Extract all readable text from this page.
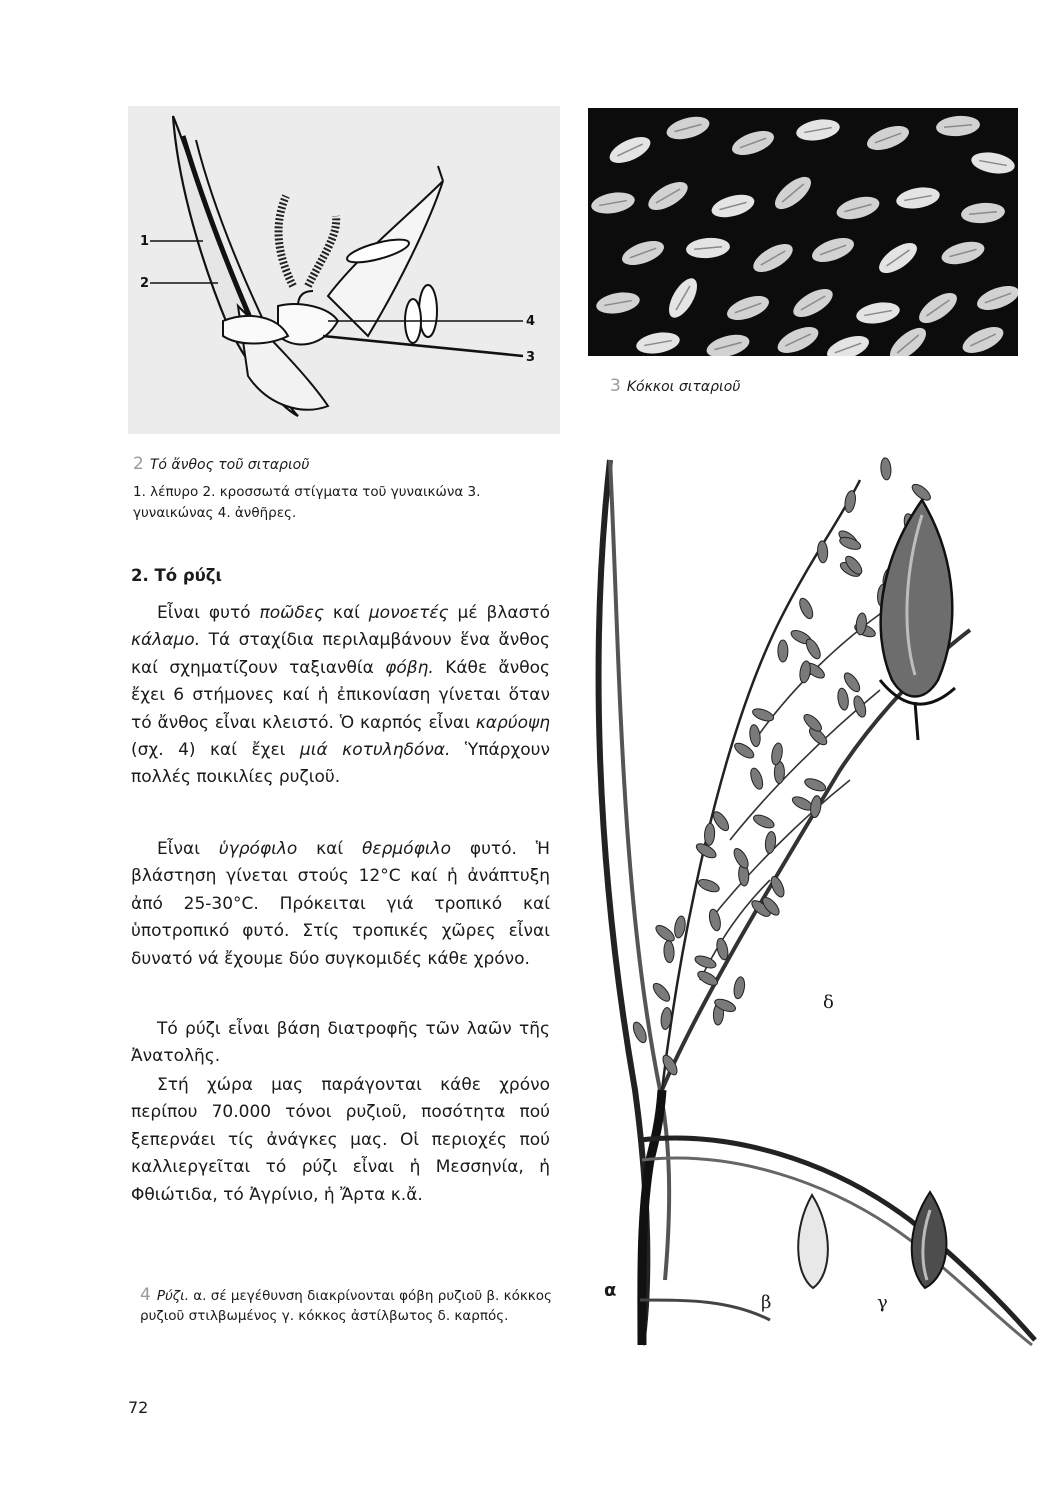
1
2
3
4
2 Τό ἄνθος τοῦ σιταριοῦ
1. λέπυρο 2. κροσσωτά στίγματα τοῦ γυναικώνα 3. γυναικώνας 4. ἀνθῆρες.
2. Τό ρύζι
Εἶναι φυτό ποῶδες καί μονοετές μέ βλαστό κάλαμο. Τά σταχίδια περιλαμβάνουν ἕνα ἄνθος καί σχηματίζουν ταξιανθία φόβη. Κάθε ἄνθος ἔχει 6 στήμονες καί ἡ ἐπικονίαση γίνεται ὅταν τό ἄνθος εἶναι κλειστό. Ὁ καρπός εἶναι καρύοψη (σχ. 4) καί ἔχει μιά κοτυληδόνα. Ὑπάρχουν πολλές ποικιλίες ρυζιοῦ.
Εἶναι ὑγρόφιλο καί θερμόφιλο φυτό. Ἡ βλάστηση γίνεται στούς 12°C καί ἡ ἀνάπτυξη ἀπό 25-30°C. Πρόκειται γιά τροπικό καί ὑποτροπικό φυτό. Στίς τροπικές χῶρες εἶναι δυνατό νά ἔχουμε δύο συγκομιδές κάθε χρόνο.
Τό ρύζι εἶναι βάση διατροφῆς τῶν λαῶν τῆς Ἀνατολῆς.
Στή χώρα μας παράγονται κάθε χρόνο περίπου 70.000 τόνοι ρυζιοῦ, ποσότητα πού ξεπερνάει τίς ἀνάγκες μας. Οἱ περιοχές πού καλλιεργεῖται τό ρύζι εἶναι ἡ Μεσσηνία, ἡ Φθιώτιδα, τό Ἀγρίνιο, ἡ Ἄρτα κ.ἄ.
4 Ρύζι. α. σέ μεγέθυνση διακρίνονται φόβη ρυζιοῦ β. κόκκος ρυζιοῦ στιλβωμένος γ. κόκκος ἀστίλβωτος δ. καρπός.
72
3 Κόκκοι σιταριοῦ
α
β	γ
δ
